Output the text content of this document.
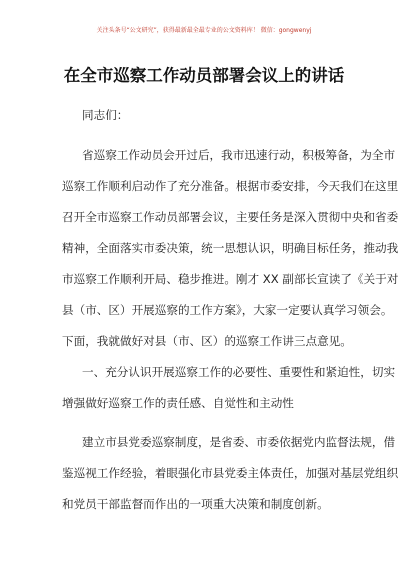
关注头条号“公文研究”，获得最新最全最专业的公文资料库！ 微信：gongwenyj
在全市巡察工作动员部署会议上的讲话
同志们：
省巡察工作动员会开过后，我市迅速行动，积极筹备，为全市
巡察工作顺利启动作了充分准备。根据市委安排，今天我们在这里
召开全市巡察工作动员部署会议，主要任务是深入贯彻中央和省委
精神，全面落实市委决策，统一思想认识，明确目标任务，推动我
市巡察工作顺利开局、稳步推进。刚才 XX 副部长宣读了《关于对
县（市、区）开展巡察的工作方案》，大家一定要认真学习领会。
下面，我就做好对县（市、区）的巡察工作讲三点意见。
一、充分认识开展巡察工作的必要性、重要性和紧迫性，切实
增强做好巡察工作的责任感、自觉性和主动性
建立市县党委巡察制度，是省委、市委依据党内监督法规，借
鉴巡视工作经验，着眼强化市县党委主体责任，加强对基层党组织
和党员干部监督而作出的一项重大决策和制度创新。
